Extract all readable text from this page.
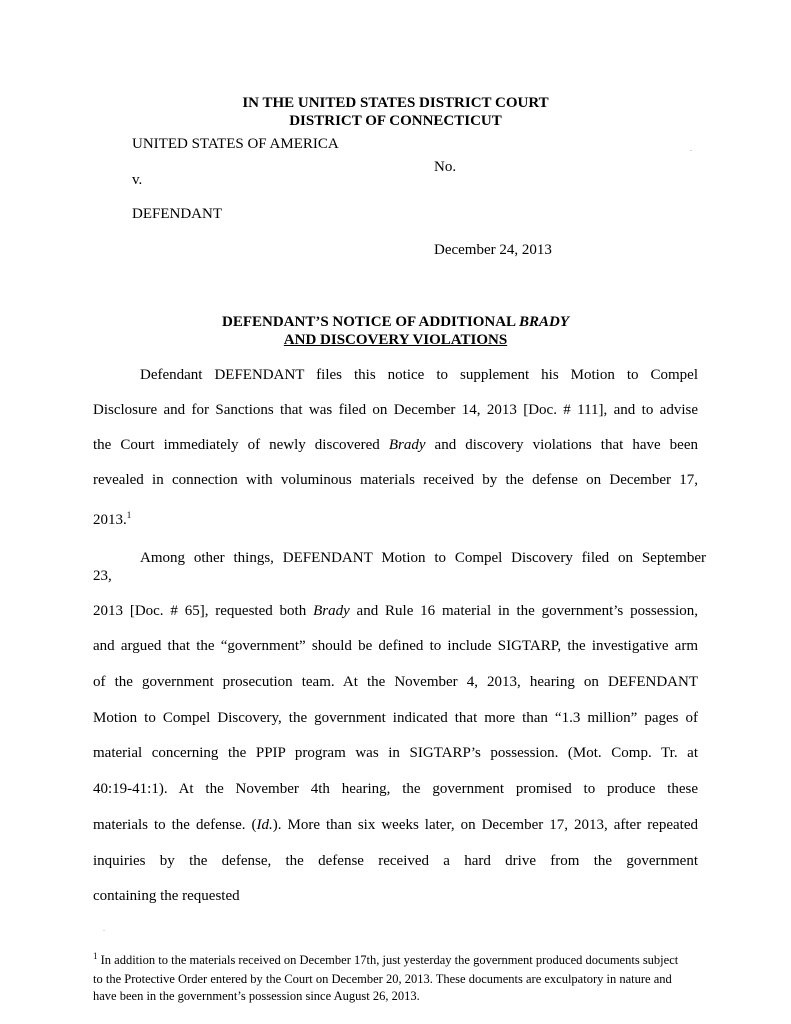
IN THE UNITED STATES DISTRICT COURT
DISTRICT OF CONNECTICUT
UNITED STATES OF AMERICA
No.
v.
DEFENDANT
December 24, 2013
.
DEFENDANT’S NOTICE OF ADDITIONAL BRADY
AND DISCOVERY VIOLATIONS
Defendant DEFENDANT files this notice to supplement his Motion to Compel
Disclosure and for Sanctions that was filed on December 14, 2013 [Doc. # 111], and to advise
the Court immediately of newly discovered Brady and discovery violations that have been
revealed in connection with voluminous materials received by the defense on December 17,
2013.$^1$
Among other things, DEFENDANT Motion to Compel Discovery filed on September
23,
2013 [Doc. # 65], requested both Brady and Rule 16 material in the government’s possession,
and argued that the “government” should be defined to include SIGTARP, the investigative arm
of the government prosecution team. At the November 4, 2013, hearing on DEFENDANT
Motion to Compel Discovery, the government indicated that more than “1.3 million” pages of
material concerning the PPIP program was in SIGTARP’s possession. (Mot. Comp. Tr. at
40:19-41:1). At the November 4th hearing, the government promised to produce these
materials to the defense. (Id.). More than six weeks later, on December 17, 2013, after repeated
inquiries by the defense, the defense received a hard drive from the government
containing the requested
.
$^1$ In addition to the materials received on December 17th, just yesterday the government produced documents subject
to the Protective Order entered by the Court on December 20, 2013. These documents are exculpatory in nature and
have been in the government’s possession since August 26, 2013.
